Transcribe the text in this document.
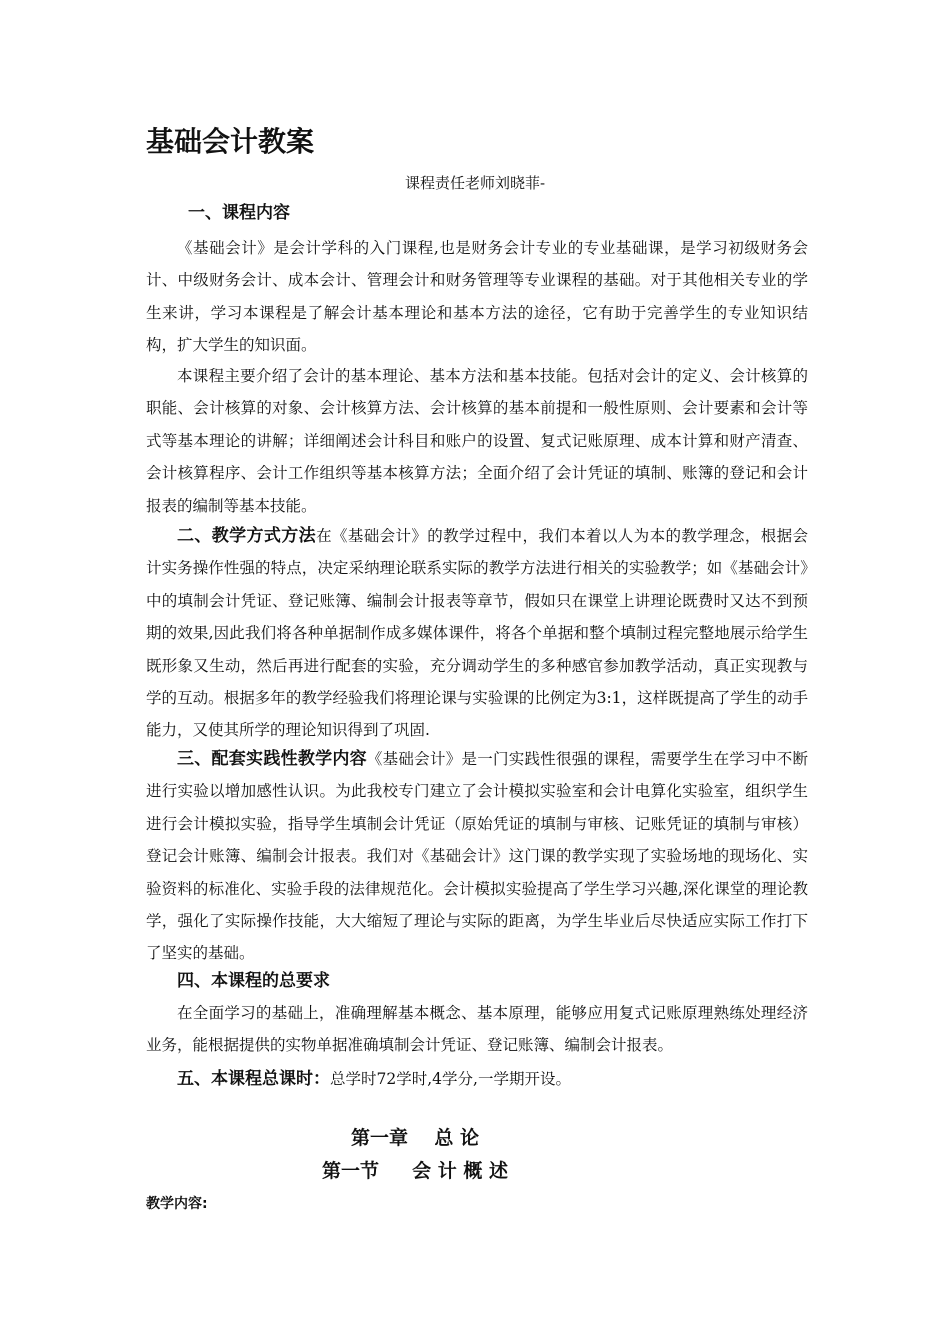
基础会计教案
课程责任老师刘晓菲-
一、课程内容

《基础会计》是会计学科的入门课程,也是财务会计专业的专业基础课，是学习初级财务会计、中级财务会计、成本会计、管理会计和财务管理等专业课程的基础。对于其他相关专业的学生来讲，学习本课程是了解会计基本理论和基本方法的途径，它有助于完善学生的专业知识结构，扩大学生的知识面。

本课程主要介绍了会计的基本理论、基本方法和基本技能。包括对会计的定义、会计核算的职能、会计核算的对象、会计核算方法、会计核算的基本前提和一般性原则、会计要素和会计等式等基本理论的讲解；详细阐述会计科目和账户的设置、复式记账原理、成本计算和财产清查、会计核算程序、会计工作组织等基本核算方法；全面介绍了会计凭证的填制、账簿的登记和会计报表的编制等基本技能。

二、教学方式方法在《基础会计》的教学过程中，我们本着以人为本的教学理念，根据会计实务操作性强的特点，决定采纳理论联系实际的教学方法进行相关的实验教学；如《基础会计》中的填制会计凭证、登记账簿、编制会计报表等章节，假如只在课堂上讲理论既费时又达不到预期的效果,因此我们将各种单据制作成多媒体课件，将各个单据和整个填制过程完整地展示给学生既形象又生动，然后再进行配套的实验，充分调动学生的多种感官参加教学活动，真正实现教与学的互动。根据多年的教学经验我们将理论课与实验课的比例定为3:1，这样既提高了学生的动手能力，又使其所学的理论知识得到了巩固.

三、配套实践性教学内容《基础会计》是一门实践性很强的课程，需要学生在学习中不断进行实验以增加感性认识。为此我校专门建立了会计模拟实验室和会计电算化实验室，组织学生进行会计模拟实验，指导学生填制会计凭证（原始凭证的填制与审核、记账凭证的填制与审核）登记会计账簿、编制会计报表。我们对《基础会计》这门课的教学实现了实验场地的现场化、实验资料的标准化、实验手段的法律规范化。会计模拟实验提高了学生学习兴趣,深化课堂的理论教学，强化了实际操作技能，大大缩短了理论与实际的距离，为学生毕业后尽快适应实际工作打下了坚实的基础。

四、本课程的总要求

在全面学习的基础上，准确理解基本概念、基本原理，能够应用复式记账原理熟练处理经济业务，能根据提供的实物单据准确填制会计凭证、登记账簿、编制会计报表。

五、本课程总课时：总学时72学时,4学分,一学期开设。

第一章    总 论
第一节     会 计 概 述
教学内容:
